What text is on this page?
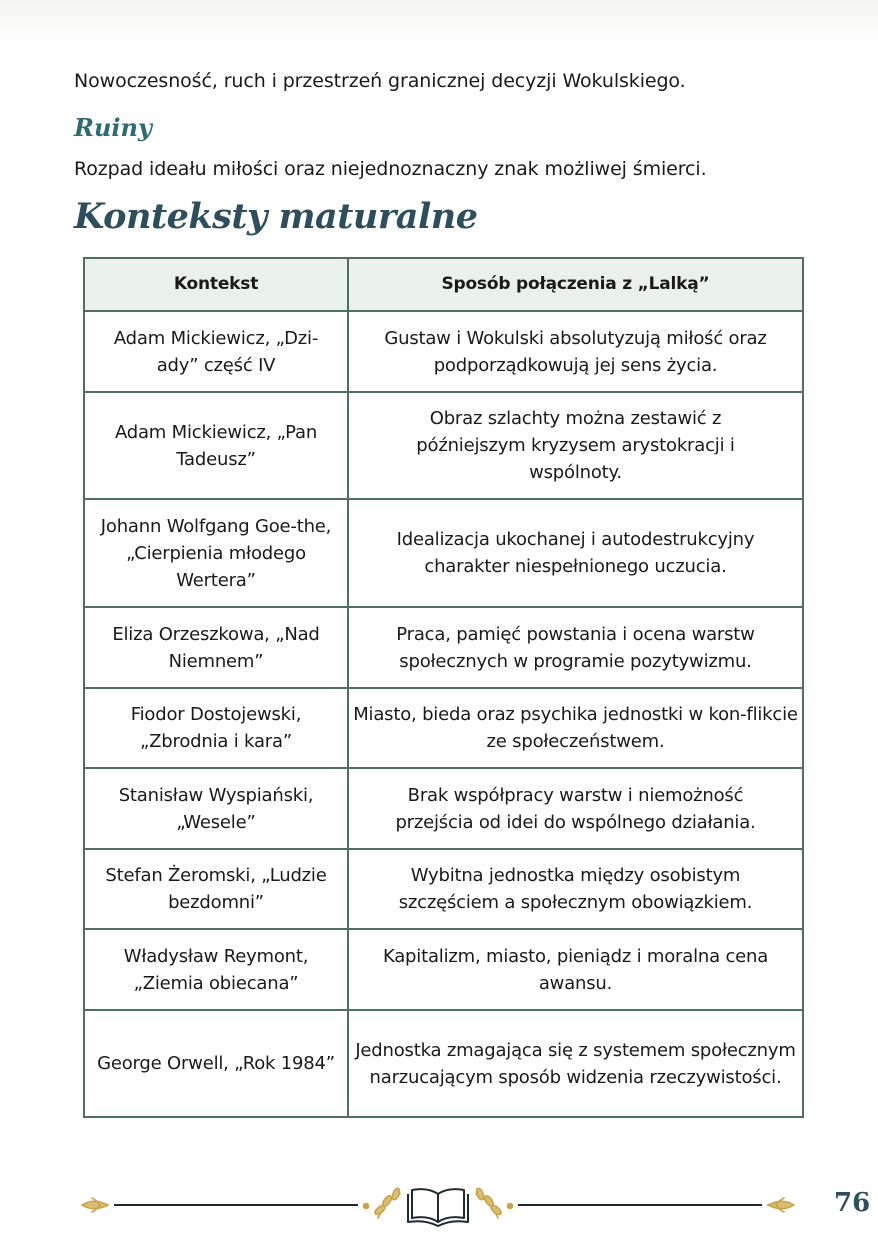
Nowoczesność, ruch i przestrzeń granicznej decyzji Wokulskiego.
Ruiny
Rozpad ideału miłości oraz niejednoznaczny znak możliwej śmierci.
Konteksty maturalne
Kontekst	Sposób połączenia z „Lalką”
Adam Mickiewicz, „Dzi-ady” część IV	Gustaw i Wokulski absolutyzują miłość oraz podporządkowują jej sens życia.
Adam Mickiewicz, „Pan Tadeusz”	Obraz szlachty można zestawić z późniejszym kryzysem arystokracji i wspólnoty.
Johann Wolfgang Goe-the, „Cierpienia młodego Wertera”	Idealizacja ukochanej i autodestrukcyjny charakter niespełnionego uczucia.
Eliza Orzeszkowa, „Nad Niemnem”	Praca, pamięć powstania i ocena warstw społecznych w programie pozytywizmu.
Fiodor Dostojewski, „Zbrodnia i kara”	Miasto, bieda oraz psychika jednostki w kon-flikcie ze społeczeństwem.
Stanisław Wyspiański, „Wesele”	Brak współpracy warstw i niemożność przejścia od idei do wspólnego działania.
Stefan Żeromski, „Ludzie bezdomni”	Wybitna jednostka między osobistym szczęściem a społecznym obowiązkiem.
Władysław Reymont, „Ziemia obiecana”	Kapitalizm, miasto, pieniądz i moralna cena awansu.
George Orwell, „Rok 1984”	Jednostka zmagająca się z systemem społecznym narzucającym sposób widzenia rzeczywistości.
76
